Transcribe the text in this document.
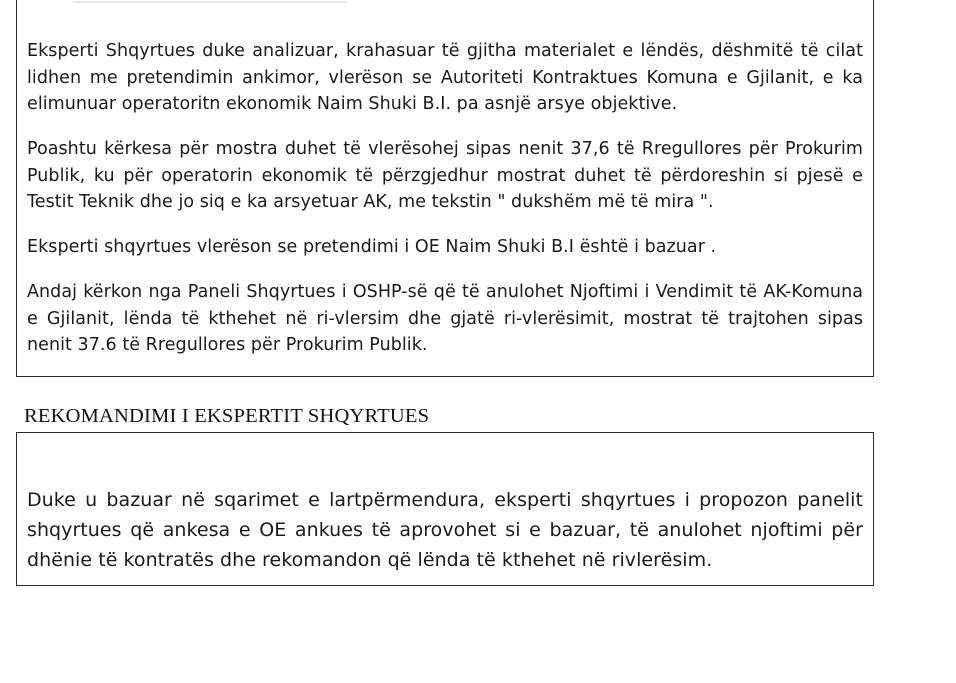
Eksperti Shqyrtues duke analizuar, krahasuar të gjitha materialet e lëndës, dëshmitë të cilat lidhen me pretendimin ankimor, vlerëson se Autoriteti Kontraktues Komuna e Gjilanit, e ka elimunuar operatoritn ekonomik Naim Shuki B.I. pa asnjë arsye objektive.

Poashtu kërkesa për mostra duhet të vlerësohej sipas nenit 37,6 të Rregullores për Prokurim Publik, ku për operatorin ekonomik të përzgjedhur mostrat duhet të përdoreshin si pjesë e Testit Teknik dhe jo siq e ka arsyetuar AK, me tekstin " dukshëm më të mira ".

Eksperti shqyrtues vlerëson se pretendimi i OE Naim Shuki B.I është i bazuar .

Andaj kërkon nga Paneli Shqyrtues i OSHP-së që të anulohet Njoftimi i Vendimit të AK-Komuna e Gjilanit, lënda të kthehet në ri-vlersim dhe gjatë ri-vlerësimit, mostrat të trajtohen sipas nenit 37.6 të Rregullores për Prokurim Publik.

REKOMANDIMI I EKSPERTIT SHQYRTUES

Duke u bazuar në sqarimet e lartpërmendura, eksperti shqyrtues i propozon panelit shqyrtues që ankesa e OE ankues të aprovohet si e bazuar, të anulohet njoftimi për dhënie të kontratës dhe rekomandon që lënda të kthehet në rivlerësim.
